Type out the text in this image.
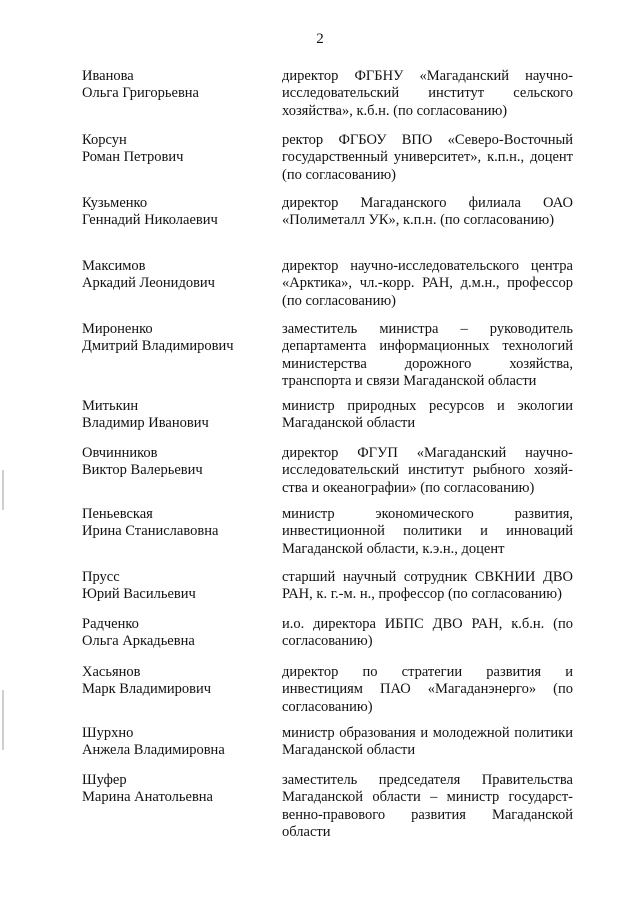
2
Иванова
Ольга Григорьевна
директор ФГБНУ «Магаданский научно-исследовательский институт сельского хозяйства», к.б.н. (по согласованию)
Корсун
Роман Петрович
ректор ФГБОУ ВПО «Северо-Восточный государственный университет», к.п.н., доцент (по согласованию)
Кузьменко
Геннадий Николаевич
директор Магаданского филиала ОАО «Полиметалл УК», к.п.н. (по согласованию)
Максимов
Аркадий Леонидович
директор научно-исследовательского центра «Арктика», чл.-корр. РАН, д.м.н., профессор (по согласованию)
Мироненко
Дмитрий Владимирович
заместитель министра – руководитель департамента информационных технологий министерства дорожного хозяйства, транспорта и связи Магаданской области
Митькин
Владимир Иванович
министр природных ресурсов и экологии Магаданской области
Овчинников
Виктор Валерьевич
директор ФГУП «Магаданский научно-исследовательский институт рыбного хозяйства и океанографии» (по согласованию)
Пеньевская
Ирина Станиславовна
министр экономического развития, инвестиционной политики и инноваций Магаданской области, к.э.н., доцент
Прусс
Юрий Васильевич
старший научный сотрудник СВКНИИ ДВО РАН, к. г.-м. н., профессор (по согласованию)
Радченко
Ольга Аркадьевна
и.о. директора ИБПС ДВО РАН, к.б.н. (по согласованию)
Хасьянов
Марк Владимирович
директор по стратегии развития и инвестициям ПАО «Магаданэнерго» (по согласованию)
Шурхно
Анжела Владимировна
министр образования и молодежной политики Магаданской области
Шуфер
Марина Анатольевна
заместитель председателя Правительства Магаданской области – министр государственно-правового развития Магаданской области
